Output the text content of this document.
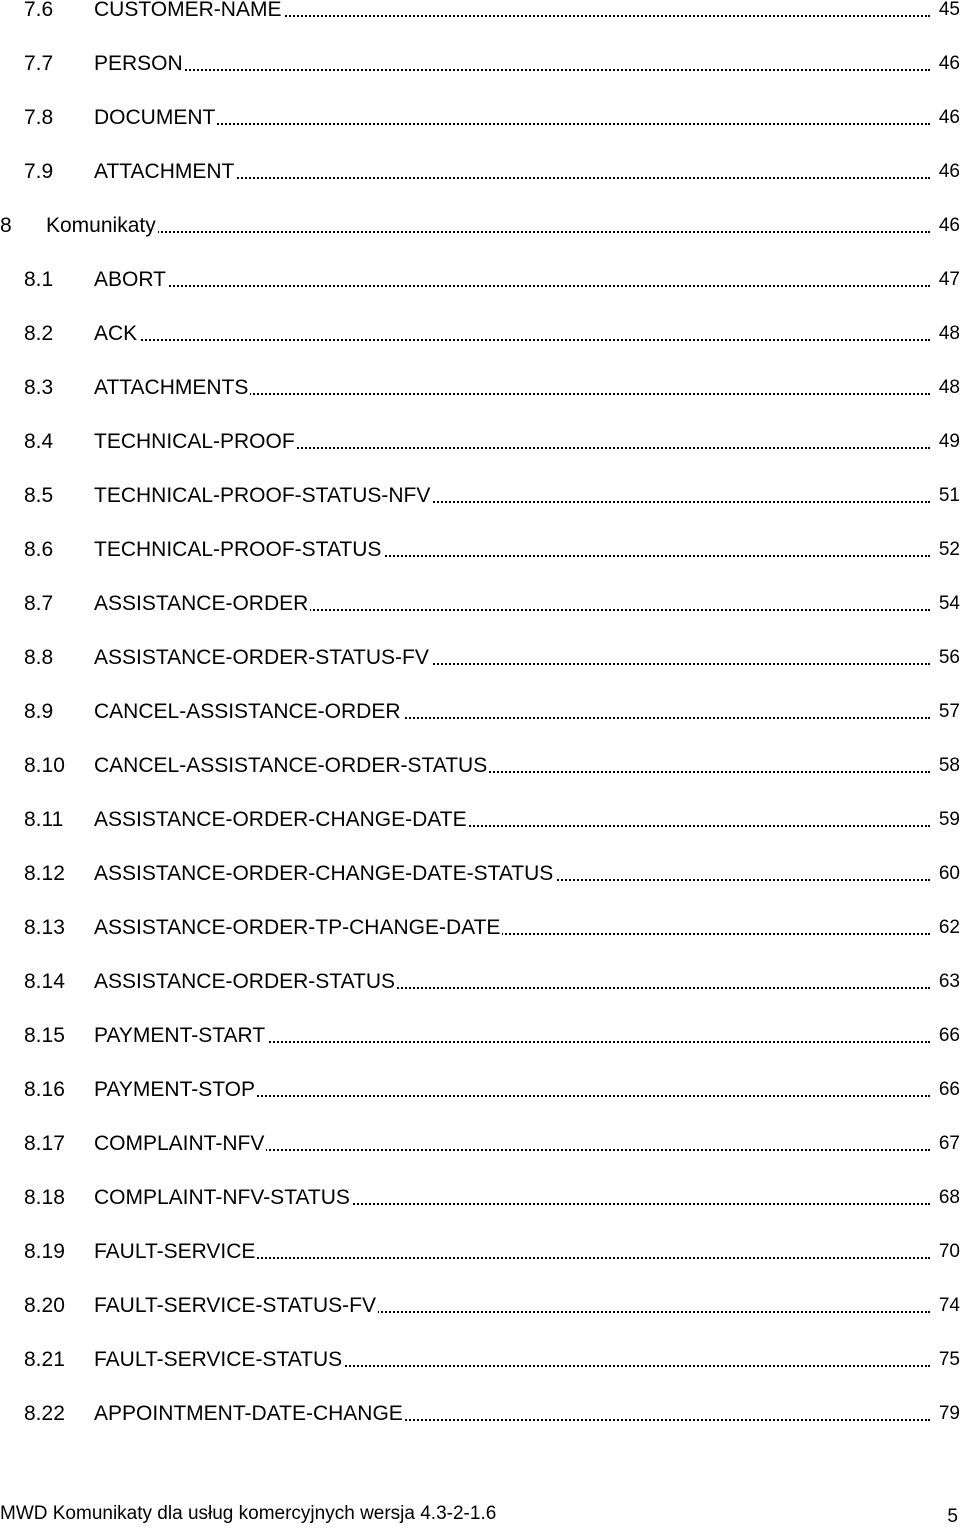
7.6 CUSTOMER-NAME	45
7.7 PERSON	46
7.8 DOCUMENT	46
7.9 ATTACHMENT	46
8 Komunikaty	46
8.1 ABORT	47
8.2 ACK	48
8.3 ATTACHMENTS	48
8.4 TECHNICAL-PROOF	49
8.5 TECHNICAL-PROOF-STATUS-NFV	51
8.6 TECHNICAL-PROOF-STATUS	52
8.7 ASSISTANCE-ORDER	54
8.8 ASSISTANCE-ORDER-STATUS-FV	56
8.9 CANCEL-ASSISTANCE-ORDER	57
8.10 CANCEL-ASSISTANCE-ORDER-STATUS	58
8.11 ASSISTANCE-ORDER-CHANGE-DATE	59
8.12 ASSISTANCE-ORDER-CHANGE-DATE-STATUS	60
8.13 ASSISTANCE-ORDER-TP-CHANGE-DATE	62
8.14 ASSISTANCE-ORDER-STATUS	63
8.15 PAYMENT-START	66
8.16 PAYMENT-STOP	66
8.17 COMPLAINT-NFV	67
8.18 COMPLAINT-NFV-STATUS	68
8.19 FAULT-SERVICE	70
8.20 FAULT-SERVICE-STATUS-FV	74
8.21 FAULT-SERVICE-STATUS	75
8.22 APPOINTMENT-DATE-CHANGE	79
MWD Komunikaty dla usług komercyjnych wersja 4.3-2-1.6	5
